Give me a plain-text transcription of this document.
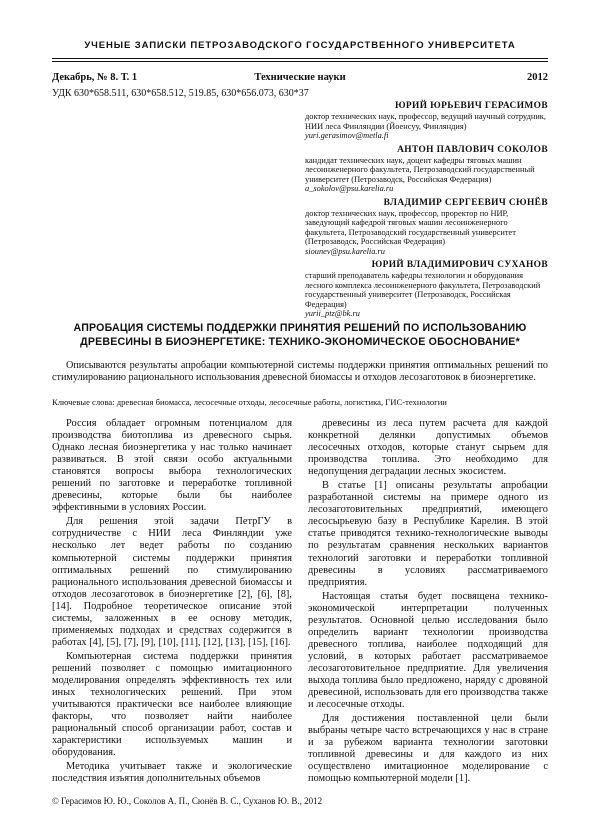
УЧЕНЫЕ ЗАПИСКИ ПЕТРОЗАВОДСКОГО ГОСУДАРСТВЕННОГО УНИВЕРСИТЕТА
Декабрь, № 8. Т. 1	Технические науки	2012
УДК 630*658.511, 630*658.512, 519.85, 630*656.073, 630*37
ЮРИЙ ЮРЬЕВИЧ ГЕРАСИМОВ
доктор технических наук, профессор, ведущий научный сотрудник, НИИ леса Финляндии (Йоенсуу, Финляндия)
yuri.gerasimov@metla.fi
АНТОН ПАВЛОВИЧ СОКОЛОВ
кандидат технических наук, доцент кафедры тяговых машин лесоинженерного факультета, Петрозаводский государственный университет (Петрозаводск, Российская Федерация)
a_sokolov@psu.karelia.ru
ВЛАДИМИР СЕРГЕЕВИЧ СЮНЁВ
доктор технических наук, профессор, проректор по НИР, заведующий кафедрой тяговых машин лесоинженерного факультета, Петрозаводский государственный университет (Петрозаводск, Российская Федерация)
siounev@psu.karelia.ru
ЮРИЙ ВЛАДИМИРОВИЧ СУХАНОВ
старший преподаватель кафедры технологии и оборудования лесного комплекса лесоинженерного факультета, Петрозаводский государственный университет (Петрозаводск, Российская Федерация)
yurii_ptz@bk.ru
АПРОБАЦИЯ СИСТЕМЫ ПОДДЕРЖКИ ПРИНЯТИЯ РЕШЕНИЙ ПО ИСПОЛЬЗОВАНИЮ ДРЕВЕСИНЫ В БИОЭНЕРГЕТИКЕ: ТЕХНИКО-ЭКОНОМИЧЕСКОЕ ОБОСНОВАНИЕ*
Описываются результаты апробации компьютерной системы поддержки принятия оптимальных решений по стимулированию рационального использования древесной биомассы и отходов лесозаготовок в биоэнергетике.
Ключевые слова: древесная биомасса, лесосечные отходы, лесосечные работы, логистика, ГИС-технологии

Россия обладает огромным потенциалом для производства биотоплива из древесного сырья. Однако лесная биоэнергетика у нас только начинает развиваться. В этой связи особо актуальными становятся вопросы выбора технологических решений по заготовке и переработке топливной древесины, которые были бы наиболее эффективными в условиях России.

Для решения этой задачи ПетрГУ в сотрудничестве с НИИ леса Финляндии уже несколько лет ведет работы по созданию компьютерной системы поддержки принятия оптимальных решений по стимулированию рационального использования древесной биомассы и отходов лесозаготовок в биоэнергетике [2], [6], [8], [14]. Подробное теоретическое описание этой системы, заложенных в ее основу методик, применяемых подходах и средствах содержится в работах [4], [5], [7], [9], [10], [11], [12], [13], [15], [16].

Компьютерная система поддержки принятия решений позволяет с помощью имитационного моделирования определять эффективность тех или иных технологических решений. При этом учитываются практически все наиболее влияющие факторы, что позволяет найти наиболее рациональный способ организации работ, состав и характеристики используемых машин и оборудования.

Методика учитывает также и экологические последствия изъятия дополнительных объемов

древесины из леса путем расчета для каждой конкретной делянки допустимых объемов лесосечных отходов, которые станут сырьем для производства топлива. Это необходимо для недопущения деградации лесных экосистем.

В статье [1] описаны результаты апробации разработанной системы на примере одного из лесозаготовительных предприятий, имеющего лесосырьевую базу в Республике Карелия. В этой статье приводятся технико-технологические выводы по результатам сравнения нескольких вариантов технологий заготовки и переработки топливной древесины в условиях рассматриваемого предприятия.

Настоящая статья будет посвящена технико-экономической интерпретации полученных результатов. Основной целью исследования было определить вариант технологии производства древесного топлива, наиболее подходящий для условий, в которых работает рассматриваемое лесозаготовительное предприятие. Для увеличения выхода топлива было предложено, наряду с дровяной древесиной, использовать для его производства также и лесосечные отходы.

Для достижения поставленной цели были выбраны четыре часто встречающихся у нас в стране и за рубежом варианта технологии заготовки топливной древесины и для каждого из них осуществлено имитационное моделирование с помощью компьютерной модели [1].

© Герасимов Ю. Ю., Соколов А. П., Сюнёв В. С., Суханов Ю. В., 2012
